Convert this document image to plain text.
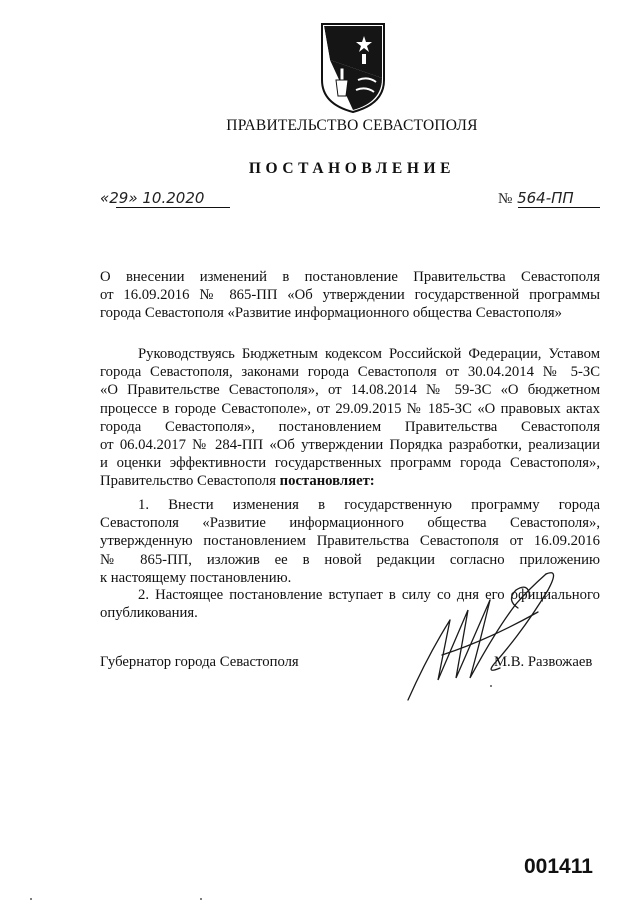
ПРАВИТЕЛЬСТВО СЕВАСТОПОЛЯ
ПОСТАНОВЛЕНИЕ
«29» 10.2020	№ 564-ПП
О внесении изменений в постановление Правительства Севастополя
от 16.09.2016 № 865-ПП «Об утверждении государственной программы
города Севастополя «Развитие информационного общества Севастополя»
Руководствуясь Бюджетным кодексом Российской Федерации, Уставом
города Севастополя, законами города Севастополя от 30.04.2014 № 5-ЗС
«О Правительстве Севастополя», от 14.08.2014 № 59-ЗС «О бюджетном
процессе в городе Севастополе», от 29.09.2015 № 185-ЗС «О правовых актах
города Севастополя», постановлением Правительства Севастополя
от 06.04.2017 № 284-ПП «Об утверждении Порядка разработки, реализации
и оценки эффективности государственных программ города Севастополя»,
Правительство Севастополя постановляет:
1. Внести изменения в государственную программу города
Севастополя «Развитие информационного общества Севастополя»,
утвержденную постановлением Правительства Севастополя от 16.09.2016
№ 865-ПП, изложив ее в новой редакции согласно приложению
к настоящему постановлению.
2. Настоящее постановление вступает в силу со дня его официального
опубликования.
Губернатор города Севастополя	М.В. Развожаев
001411
